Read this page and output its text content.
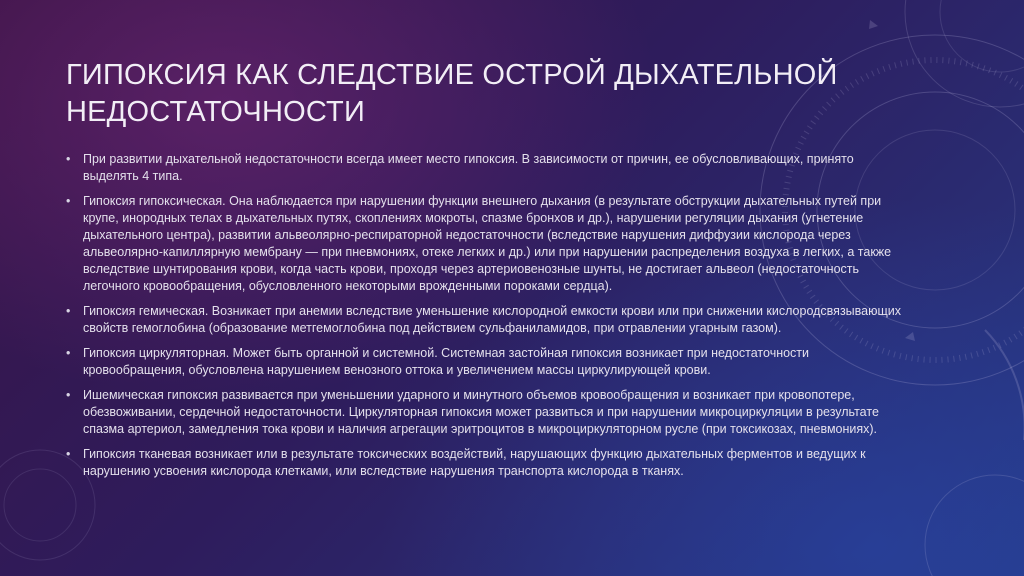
ГИПОКСИЯ КАК СЛЕДСТВИЕ ОСТРОЙ ДЫХАТЕЛЬНОЙ
НЕДОСТАТОЧНОСТИ
• При развитии дыхательной недостаточности всегда имеет место гипоксия. В зависимости от причин, ее обусловливающих, принято выделять 4 типа.
• Гипоксия гипоксическая. Она наблюдается при нарушении функции внешнего дыхания (в результате обструкции дыхательных путей при крупе, инородных телах в дыхательных путях, скоплениях мокроты, спазме бронхов и др.), нарушении регуляции дыхания (угнетение дыхательного центра), развитии альвеолярно-респираторной недостаточности (вследствие нарушения диффузии кислорода через альвеолярно-капиллярную мембрану — при пневмониях, отеке легких и др.) или при нарушении распределения воздуха в легких, а также вследствие шунтирования крови, когда часть крови, проходя через артериовенозные шунты, не достигает альвеол (недостаточность легочного кровообращения, обусловленного некоторыми врожденными пороками сердца).
• Гипоксия гемическая. Возникает при анемии вследствие уменьшение кислородной емкости крови или при снижении кислородсвязывающих свойств гемоглобина (образование метгемоглобина под действием сульфаниламидов, при отравлении угарным газом).
• Гипоксия циркуляторная. Может быть органной и системной. Системная застойная гипоксия возникает при недостаточности кровообращения, обусловлена нарушением венозного оттока и увеличением массы циркулирующей крови.
• Ишемическая гипоксия развивается при уменьшении ударного и минутного объемов кровообращения и возникает при кровопотере, обезвоживании, сердечной недостаточности. Циркуляторная гипоксия может развиться и при нарушении микроциркуляции в результате спазма артериол, замедления тока крови и наличия агрегации эритроцитов в микроциркуляторном русле (при токсикозах, пневмониях).
• Гипоксия тканевая возникает или в результате токсических воздействий, нарушающих функцию дыхательных ферментов и ведущих к нарушению усвоения кислорода клетками, или вследствие нарушения транспорта кислорода в тканях.
